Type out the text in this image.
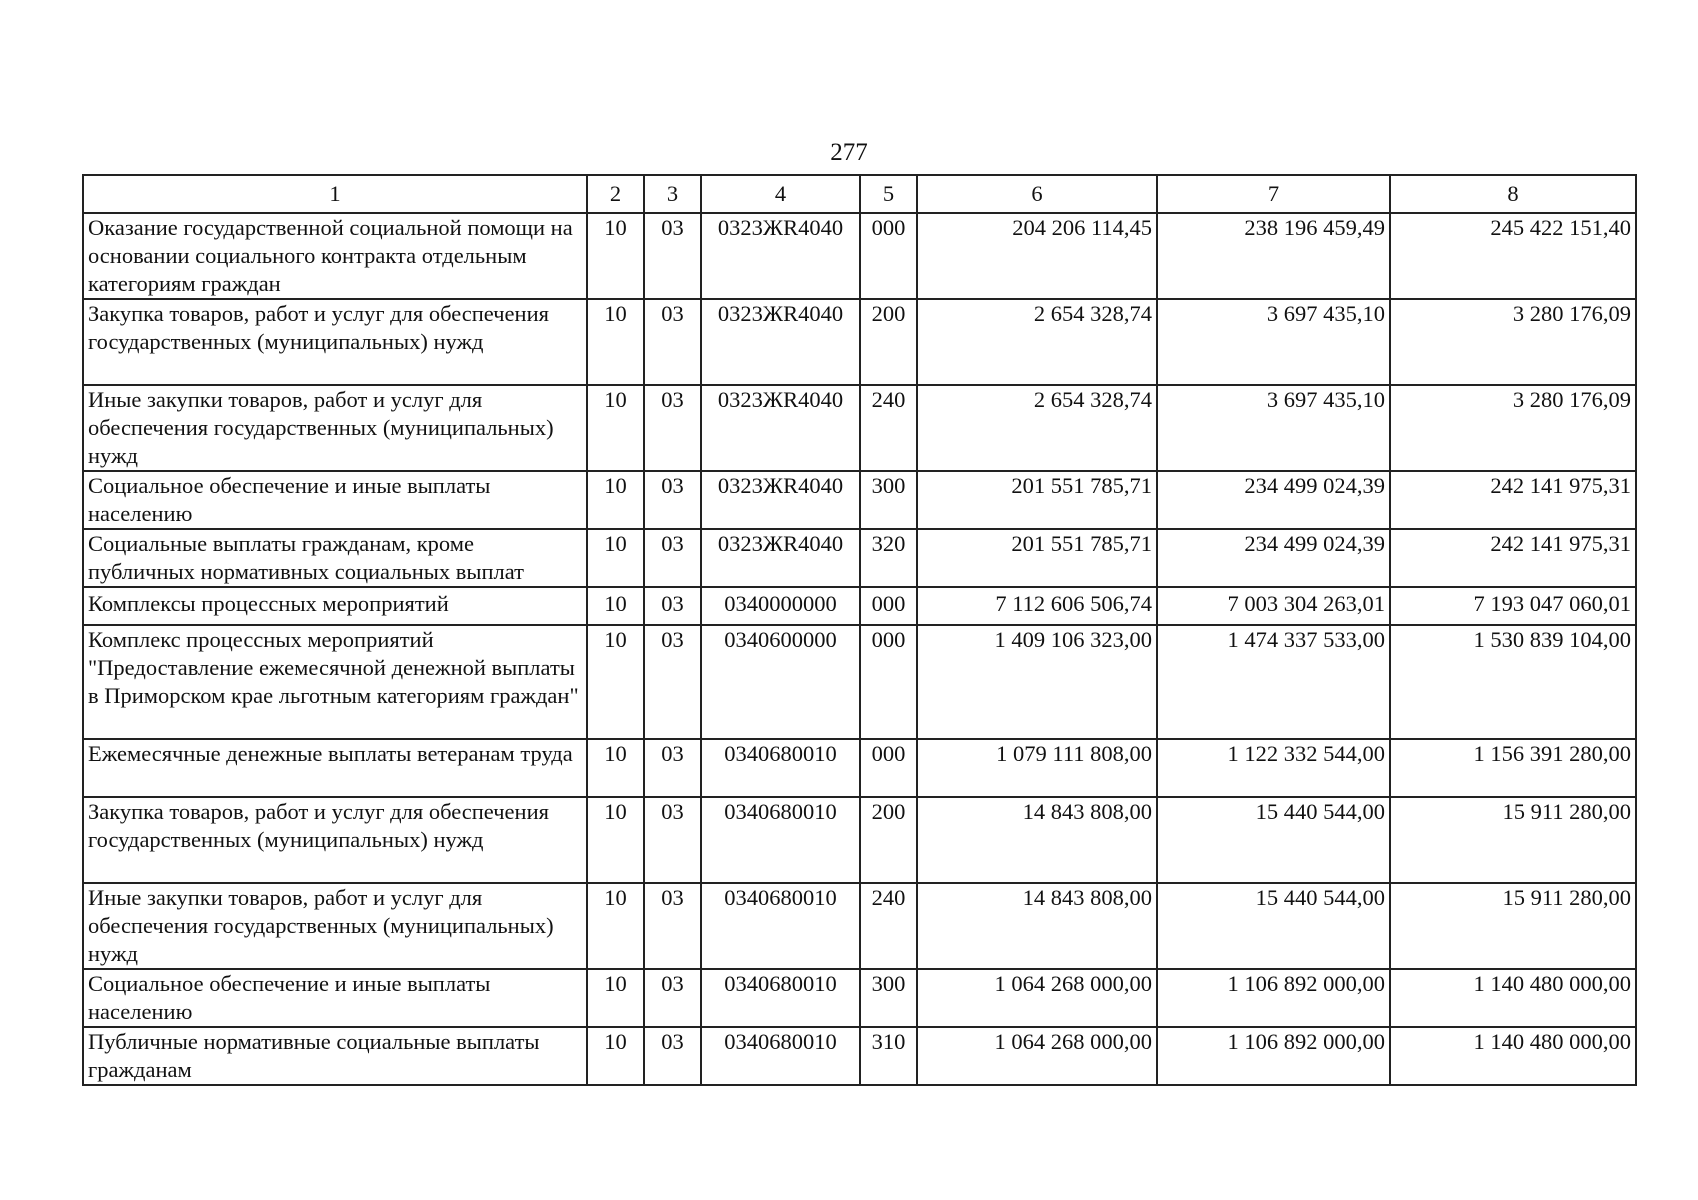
277
1	2	3	4	5	6	7	8
Оказание государственной социальной помощи на основании социального контракта отдельным категориям граждан	10	03	0323ЖR4040	000	204 206 114,45	238 196 459,49	245 422 151,40
Закупка товаров, работ и услуг для обеспечения государственных (муниципальных) нужд	10	03	0323ЖR4040	200	2 654 328,74	3 697 435,10	3 280 176,09
Иные закупки товаров, работ и услуг для обеспечения государственных (муниципальных) нужд	10	03	0323ЖR4040	240	2 654 328,74	3 697 435,10	3 280 176,09
Социальное обеспечение и иные выплаты населению	10	03	0323ЖR4040	300	201 551 785,71	234 499 024,39	242 141 975,31
Социальные выплаты гражданам, кроме публичных нормативных социальных выплат	10	03	0323ЖR4040	320	201 551 785,71	234 499 024,39	242 141 975,31
Комплексы процессных мероприятий	10	03	0340000000	000	7 112 606 506,74	7 003 304 263,01	7 193 047 060,01
Комплекс процессных мероприятий "Предоставление ежемесячной денежной выплаты в Приморском крае льготным категориям граждан"	10	03	0340600000	000	1 409 106 323,00	1 474 337 533,00	1 530 839 104,00
Ежемесячные денежные выплаты ветеранам труда	10	03	0340680010	000	1 079 111 808,00	1 122 332 544,00	1 156 391 280,00
Закупка товаров, работ и услуг для обеспечения государственных (муниципальных) нужд	10	03	0340680010	200	14 843 808,00	15 440 544,00	15 911 280,00
Иные закупки товаров, работ и услуг для обеспечения государственных (муниципальных) нужд	10	03	0340680010	240	14 843 808,00	15 440 544,00	15 911 280,00
Социальное обеспечение и иные выплаты населению	10	03	0340680010	300	1 064 268 000,00	1 106 892 000,00	1 140 480 000,00
Публичные нормативные социальные выплаты гражданам	10	03	0340680010	310	1 064 268 000,00	1 106 892 000,00	1 140 480 000,00
